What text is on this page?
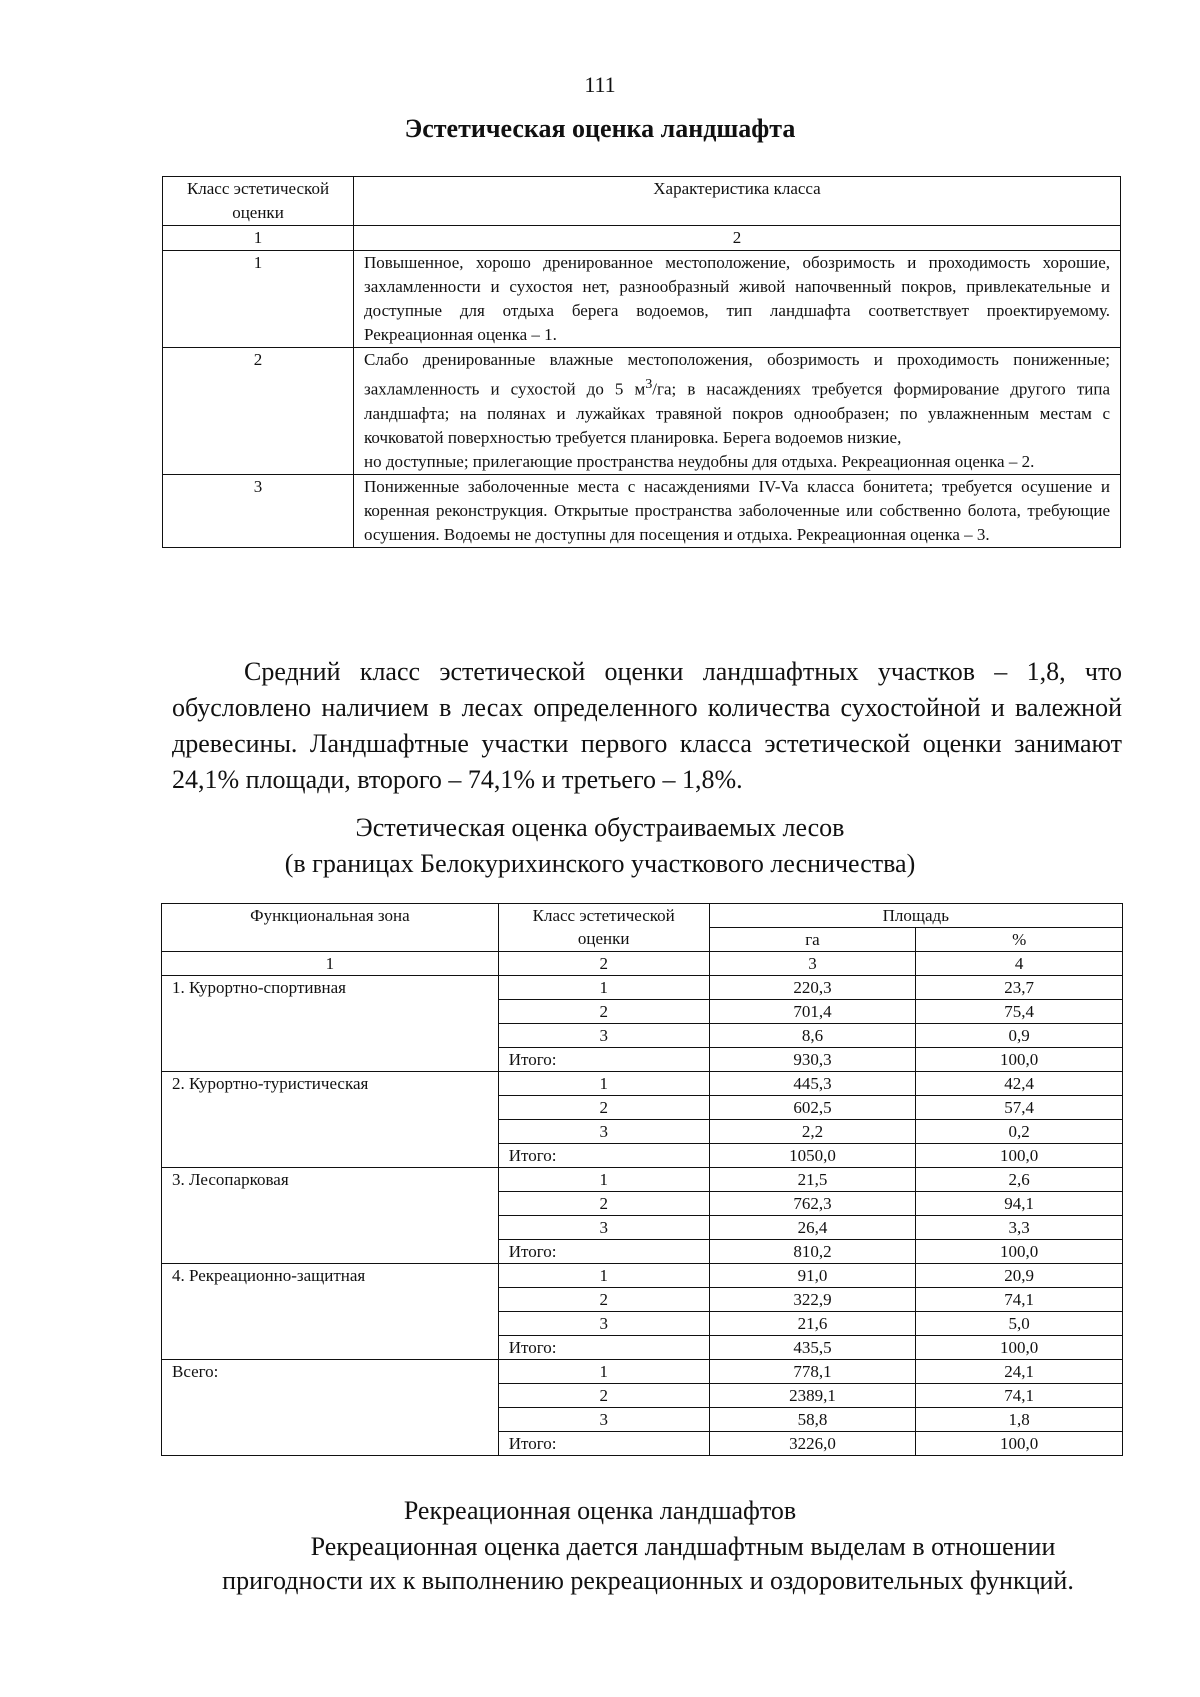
111
Эстетическая оценка ландшафта
Класс эстетической оценки	Характеристика класса
1	2
1	Повышенное, хорошо дренированное местоположение, обозримость и проходимость хорошие, захламленности и сухостоя нет, разнообразный живой напочвенный покров, привлекательные и доступные для отдыха берега водоемов, тип ландшафта соответствует проектируемому. Рекреационная оценка – 1.
2	Слабо дренированные влажные местоположения, обозримость и проходимость пониженные; захламленность и сухостой до 5 $м^3/га$; в насаждениях требуется формирование другого типа ландшафта; на полянах и лужайках травяной покров однообразен; по увлажненным местам с кочковатой поверхностью требуется планировка. Берега водоемов низкие,
но доступные; прилегающие пространства неудобны для отдыха. Рекреационная оценка – 2.
3	Пониженные заболоченные места с насаждениями IV-Va класса бонитета; требуется осушение и коренная реконструкция. Открытые пространства заболоченные или собственно болота, требующие осушения. Водоемы не доступны для посещения и отдыха. Рекреационная оценка – 3.
Средний класс эстетической оценки ландшафтных участков – 1,8, что обусловлено наличием в лесах определенного количества сухостойной и валежной древесины. Ландшафтные участки первого класса эстетической оценки занимают 24,1% площади, второго – 74,1% и третьего – 1,8%.
Эстетическая оценка обустраиваемых лесов
(в границах Белокурихинского участкового лесничества)
Функциональная зона	Класс эстетической оценки	Площадь	
		га	%
1	2	3	4
1. Курортно-спортивная	1	220,3	23,7
	2	701,4	75,4
	3	8,6	0,9
	Итого:	930,3	100,0
2. Курортно-туристическая	1	445,3	42,4
	2	602,5	57,4
	3	2,2	0,2
	Итого:	1050,0	100,0
3. Лесопарковая	1	21,5	2,6
	2	762,3	94,1
	3	26,4	3,3
	Итого:	810,2	100,0
4. Рекреационно-защитная	1	91,0	20,9
	2	322,9	74,1
	3	21,6	5,0
	Итого:	435,5	100,0
Всего:	1	778,1	24,1
	2	2389,1	74,1
	3	58,8	1,8
	Итого:	3226,0	100,0
Рекреационная оценка ландшафтов
Рекреационная оценка дается ландшафтным выделам в отношении
пригодности их к выполнению рекреационных и оздоровительных функций.
